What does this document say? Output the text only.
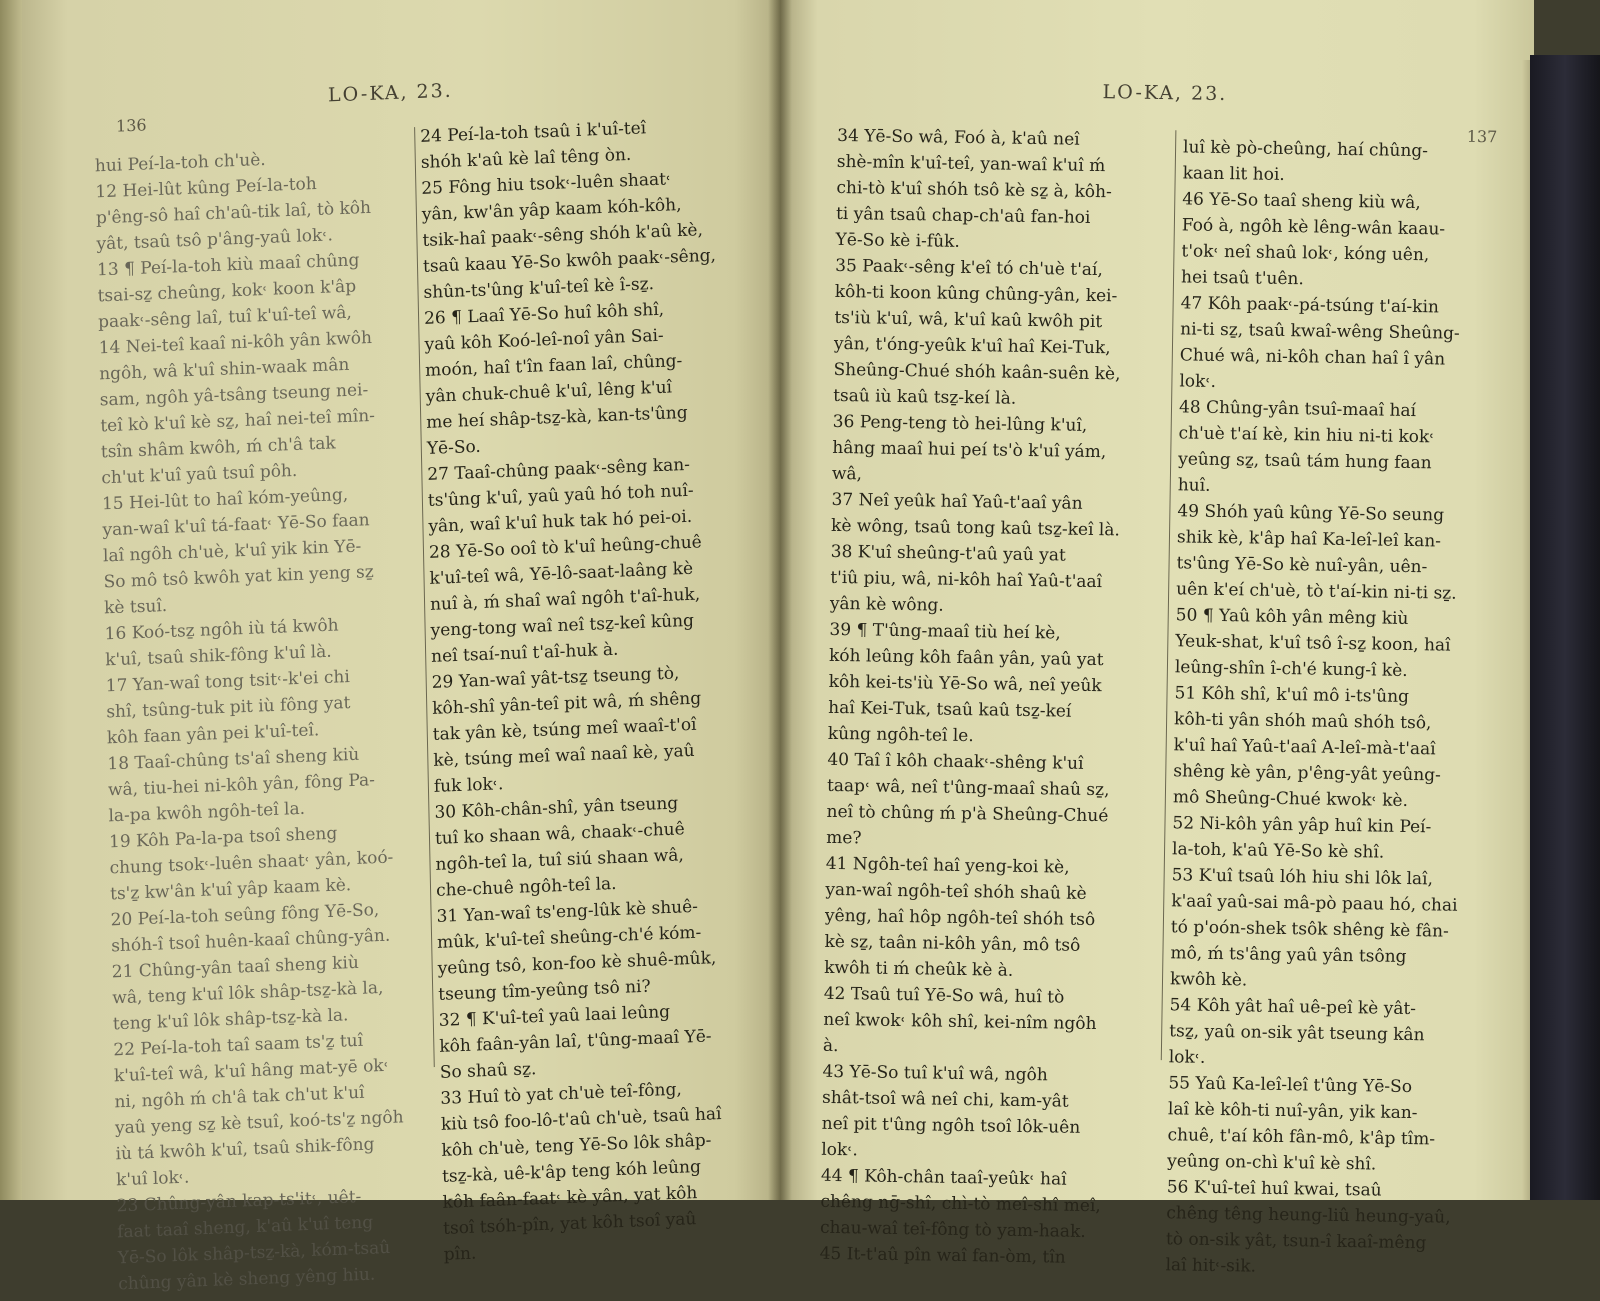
136
LO-KA, 23.
hui Peí-la-toh ch'uè.
12 Hei-lût kûng Peí-la-toh
p'êng-sô haî ch'aû-tik laî, tò kôh
yât, tsaû tsô p'âng-yaû lok˓.
13 ¶ Peí-la-toh kiù maaî chûng
tsai-sẕ cheûng, kok˓ koon k'âp
paak˓-sêng laî, tuî k'uî-teî wâ,
14 Nei-teî kaaî ni-kôh yân kwôh
ngôh, wâ k'uî shin-waak mân
sam, ngôh yâ-tsâng tseung nei-
teî kò k'uî kè sẕ, haî nei-teî mîn-
tsîn shâm kwôh, ḿ ch'â tak
ch'ut k'uî yaû tsuî pôh.
15 Hei-lût to haî kóm-yeûng,
yan-waî k'uî tá-faat˓ Yē-So faan
laî ngôh ch'uè, k'uî yik kin Yē-
So mô tsô kwôh yat kin yeng sẕ
kè tsuî.
16 Koó-tsẕ ngôh iù tá kwôh
k'uî, tsaû shik-fông k'uî là.
17 Yan-waî tong tsit˓-k'ei chi
shî, tsûng-tuk pit iù fông yat
kôh faan yân pei k'uî-teî.
18 Taaî-chûng ts'aî sheng kiù
wâ, tiu-hei ni-kôh yân, fông Pa-
la-pa kwôh ngôh-teî la.
19 Kôh Pa-la-pa tsoî sheng
chung tsok˓-luên shaat˓ yân, koó-
ts'ẕ kw'ân k'uî yâp kaam kè.
20 Peí-la-toh seûng fông Yē-So,
shóh-î tsoî huên-kaaî chûng-yân.
21 Chûng-yân taaî sheng kiù
wâ, teng k'uî lôk shâp-tsẕ-kà la,
teng k'uî lôk shâp-tsẕ-kà la.
22 Peí-la-toh taî saam ts'ẕ tuî
k'uî-teî wâ, k'uî hâng mat-yē ok˓
ni, ngôh ḿ ch'â tak ch'ut k'uî
yaû yeng sẕ kè tsuî, koó-ts'ẕ ngôh
iù tá kwôh k'uî, tsaû shik-fông
k'uî lok˓.
23 Chûng-yân kap-ts'it˓, uêt-
faat taaî sheng, k'aû k'uî teng
Yē-So lôk shâp-tsẕ-kà, kóm-tsaû
chûng yân kè sheng yêng hiu.
24 Peí-la-toh tsaû i k'uî-teî
shóh k'aû kè laî têng òn.
25 Fông hiu tsok˓-luên shaat˓
yân, kw'ân yâp kaam kóh-kôh,
tsik-haî paak˓-sêng shóh k'aû kè,
tsaû kaau Yē-So kwôh paak˓-sêng,
shûn-ts'ûng k'uî-teî kè î-sẕ.
26 ¶ Laaî Yē-So huî kôh shî,
yaû kôh Koó-leî-noî yân Sai-
moón, haî t'în faan laî, chûng-
yân chuk-chuê k'uî, lêng k'uî
me heí shâp-tsẕ-kà, kan-ts'ûng
Yē-So.
27 Taaî-chûng paak˓-sêng kan-
ts'ûng k'uî, yaû yaû hó toh nuî-
yân, waî k'uî huk tak hó pei-oi.
28 Yē-So ooî tò k'uî heûng-chuê
k'uî-teî wâ, Yē-lô-saat-laâng kè
nuî à, ḿ shaî waî ngôh t'aî-huk,
yeng-tong waî neî tsẕ-keî kûng
neî tsaí-nuî t'aî-huk à.
29 Yan-waî yât-tsẕ tseung tò,
kôh-shî yân-teî pit wâ, ḿ shêng
tak yân kè, tsúng meî waaî-t'oî
kè, tsúng meî waî naaî kè, yaû
fuk lok˓.
30 Kôh-chân-shî, yân tseung
tuî ko shaan wâ, chaak˓-chuê
ngôh-teî la, tuî siú shaan wâ,
che-chuê ngôh-teî la.
31 Yan-waî ts'eng-lûk kè shuê-
mûk, k'uî-teî sheûng-ch'é kóm-
yeûng tsô, kon-foo kè shuê-mûk,
tseung tîm-yeûng tsô ni?
32 ¶ K'uî-teî yaû laai leûng
kôh faân-yân laî, t'ûng-maaî Yē-
So shaû sẕ.
33 Huî tò yat ch'uè teî-fông,
kiù tsô foo-lô-t'aû ch'uè, tsaû haî
kôh ch'uè, teng Yē-So lôk shâp-
tsẕ-kà, uê-k'âp teng kóh leûng
kôh faân-faat˓ kè yân, yat kôh
tsoî tsóh-pîn, yat kôh tsoî yaû
pîn.
LO-KA, 23.
137
34 Yē-So wâ, Foó à, k'aû neî
shè-mîn k'uî-teî, yan-waî k'uî ḿ
chi-tò k'uî shóh tsô kè sẕ à, kôh-
ti yân tsaû chap-ch'aû fan-hoi
Yē-So kè i-fûk.
35 Paak˓-sêng k'eî tó ch'uè t'aí,
kôh-ti koon kûng chûng-yân, kei-
ts'iù k'uî, wâ, k'uî kaû kwôh pit
yân, t'óng-yeûk k'uî haî Kei-Tuk,
Sheûng-Chué shóh kaân-suên kè,
tsaû iù kaû tsẕ-keí là.
36 Peng-teng tò hei-lûng k'uî,
hâng maaî hui peí ts'ò k'uî yám,
wâ,
37 Neî yeûk haî Yaû-t'aaî yân
kè wông, tsaû tong kaû tsẕ-keî là.
38 K'uî sheûng-t'aû yaû yat
t'iû piu, wâ, ni-kôh haî Yaû-t'aaî
yân kè wông.
39 ¶ T'ûng-maaî tiù heí kè,
kóh leûng kôh faân yân, yaû yat
kôh kei-ts'iù Yē-So wâ, neî yeûk
haî Kei-Tuk, tsaû kaû tsẕ-keí
kûng ngôh-teî le.
40 Taî î kôh chaak˓-shêng k'uî
taap˓ wâ, neî t'ûng-maaî shaû sẕ,
neî tò chûng ḿ p'à Sheûng-Chué
me?
41 Ngôh-teî haî yeng-koi kè,
yan-waî ngôh-teî shóh shaû kè
yêng, haî hôp ngôh-teî shóh tsô
kè sẕ, taân ni-kôh yân, mô tsô
kwôh ti ḿ cheûk kè à.
42 Tsaû tuî Yē-So wâ, huî tò
neî kwok˓ kôh shî, kei-nîm ngôh
à.
43 Yē-So tuî k'uî wâ, ngôh
shât-tsoî wâ neî chi, kam-yât
neî pit t'ûng ngôh tsoî lôk-uên
lok˓.
44 ¶ Kôh-chân taaî-yeûk˓ haî
chêng nḡ-shî, chì-tò meî-shî meî,
chau-waî teî-fông tò yam-haak.
45 It-t'aû pîn waî fan-òm, tîn
luî kè pò-cheûng, haí chûng-
kaan lit hoi.
46 Yē-So taaî sheng kiù wâ,
Foó à, ngôh kè lêng-wân kaau-
t'ok˓ neî shaû lok˓, kóng uên,
hei tsaû t'uên.
47 Kôh paak˓-pá-tsúng t'aí-kin
ni-ti sẕ, tsaû kwaî-wêng Sheûng-
Chué wâ, ni-kôh chan haî î yân
lok˓.
48 Chûng-yân tsuî-maaî haí
ch'uè t'aí kè, kin hiu ni-ti kok˓
yeûng sẕ, tsaû tám hung faan
huî.
49 Shóh yaû kûng Yē-So seung
shik kè, k'âp haî Ka-leî-leî kan-
ts'ûng Yē-So kè nuî-yân, uên-
uên k'eí ch'uè, tò t'aí-kin ni-ti sẕ.
50 ¶ Yaû kôh yân mêng kiù
Yeuk-shat, k'uî tsô î-sẕ koon, haî
leûng-shîn î-ch'é kung-î kè.
51 Kôh shî, k'uî mô i-ts'ûng
kôh-ti yân shóh maû shóh tsô,
k'uî haî Yaû-t'aaî A-leî-mà-t'aaî
shêng kè yân, p'êng-yât yeûng-
mô Sheûng-Chué kwok˓ kè.
52 Ni-kôh yân yâp huî kin Peí-
la-toh, k'aû Yē-So kè shî.
53 K'uî tsaû lóh hiu shi lôk laî,
k'aaî yaû-sai mâ-pò paau hó, chai
tó p'oón-shek tsôk shêng kè fân-
mô, ḿ ts'âng yaû yân tsông
kwôh kè.
54 Kôh yât haî uê-peî kè yât-
tsẕ, yaû on-sik yât tseung kân
lok˓.
55 Yaû Ka-leî-leî t'ûng Yē-So
laî kè kôh-ti nuî-yân, yik kan-
chuê, t'aí kôh fân-mô, k'âp tîm-
yeûng on-chì k'uî kè shî.
56 K'uî-teî huî kwai, tsaû
chêng têng heung-liû heung-yaû,
tò on-sik yât, tsun-î kaaî-mêng
laî hit˓-sik.
